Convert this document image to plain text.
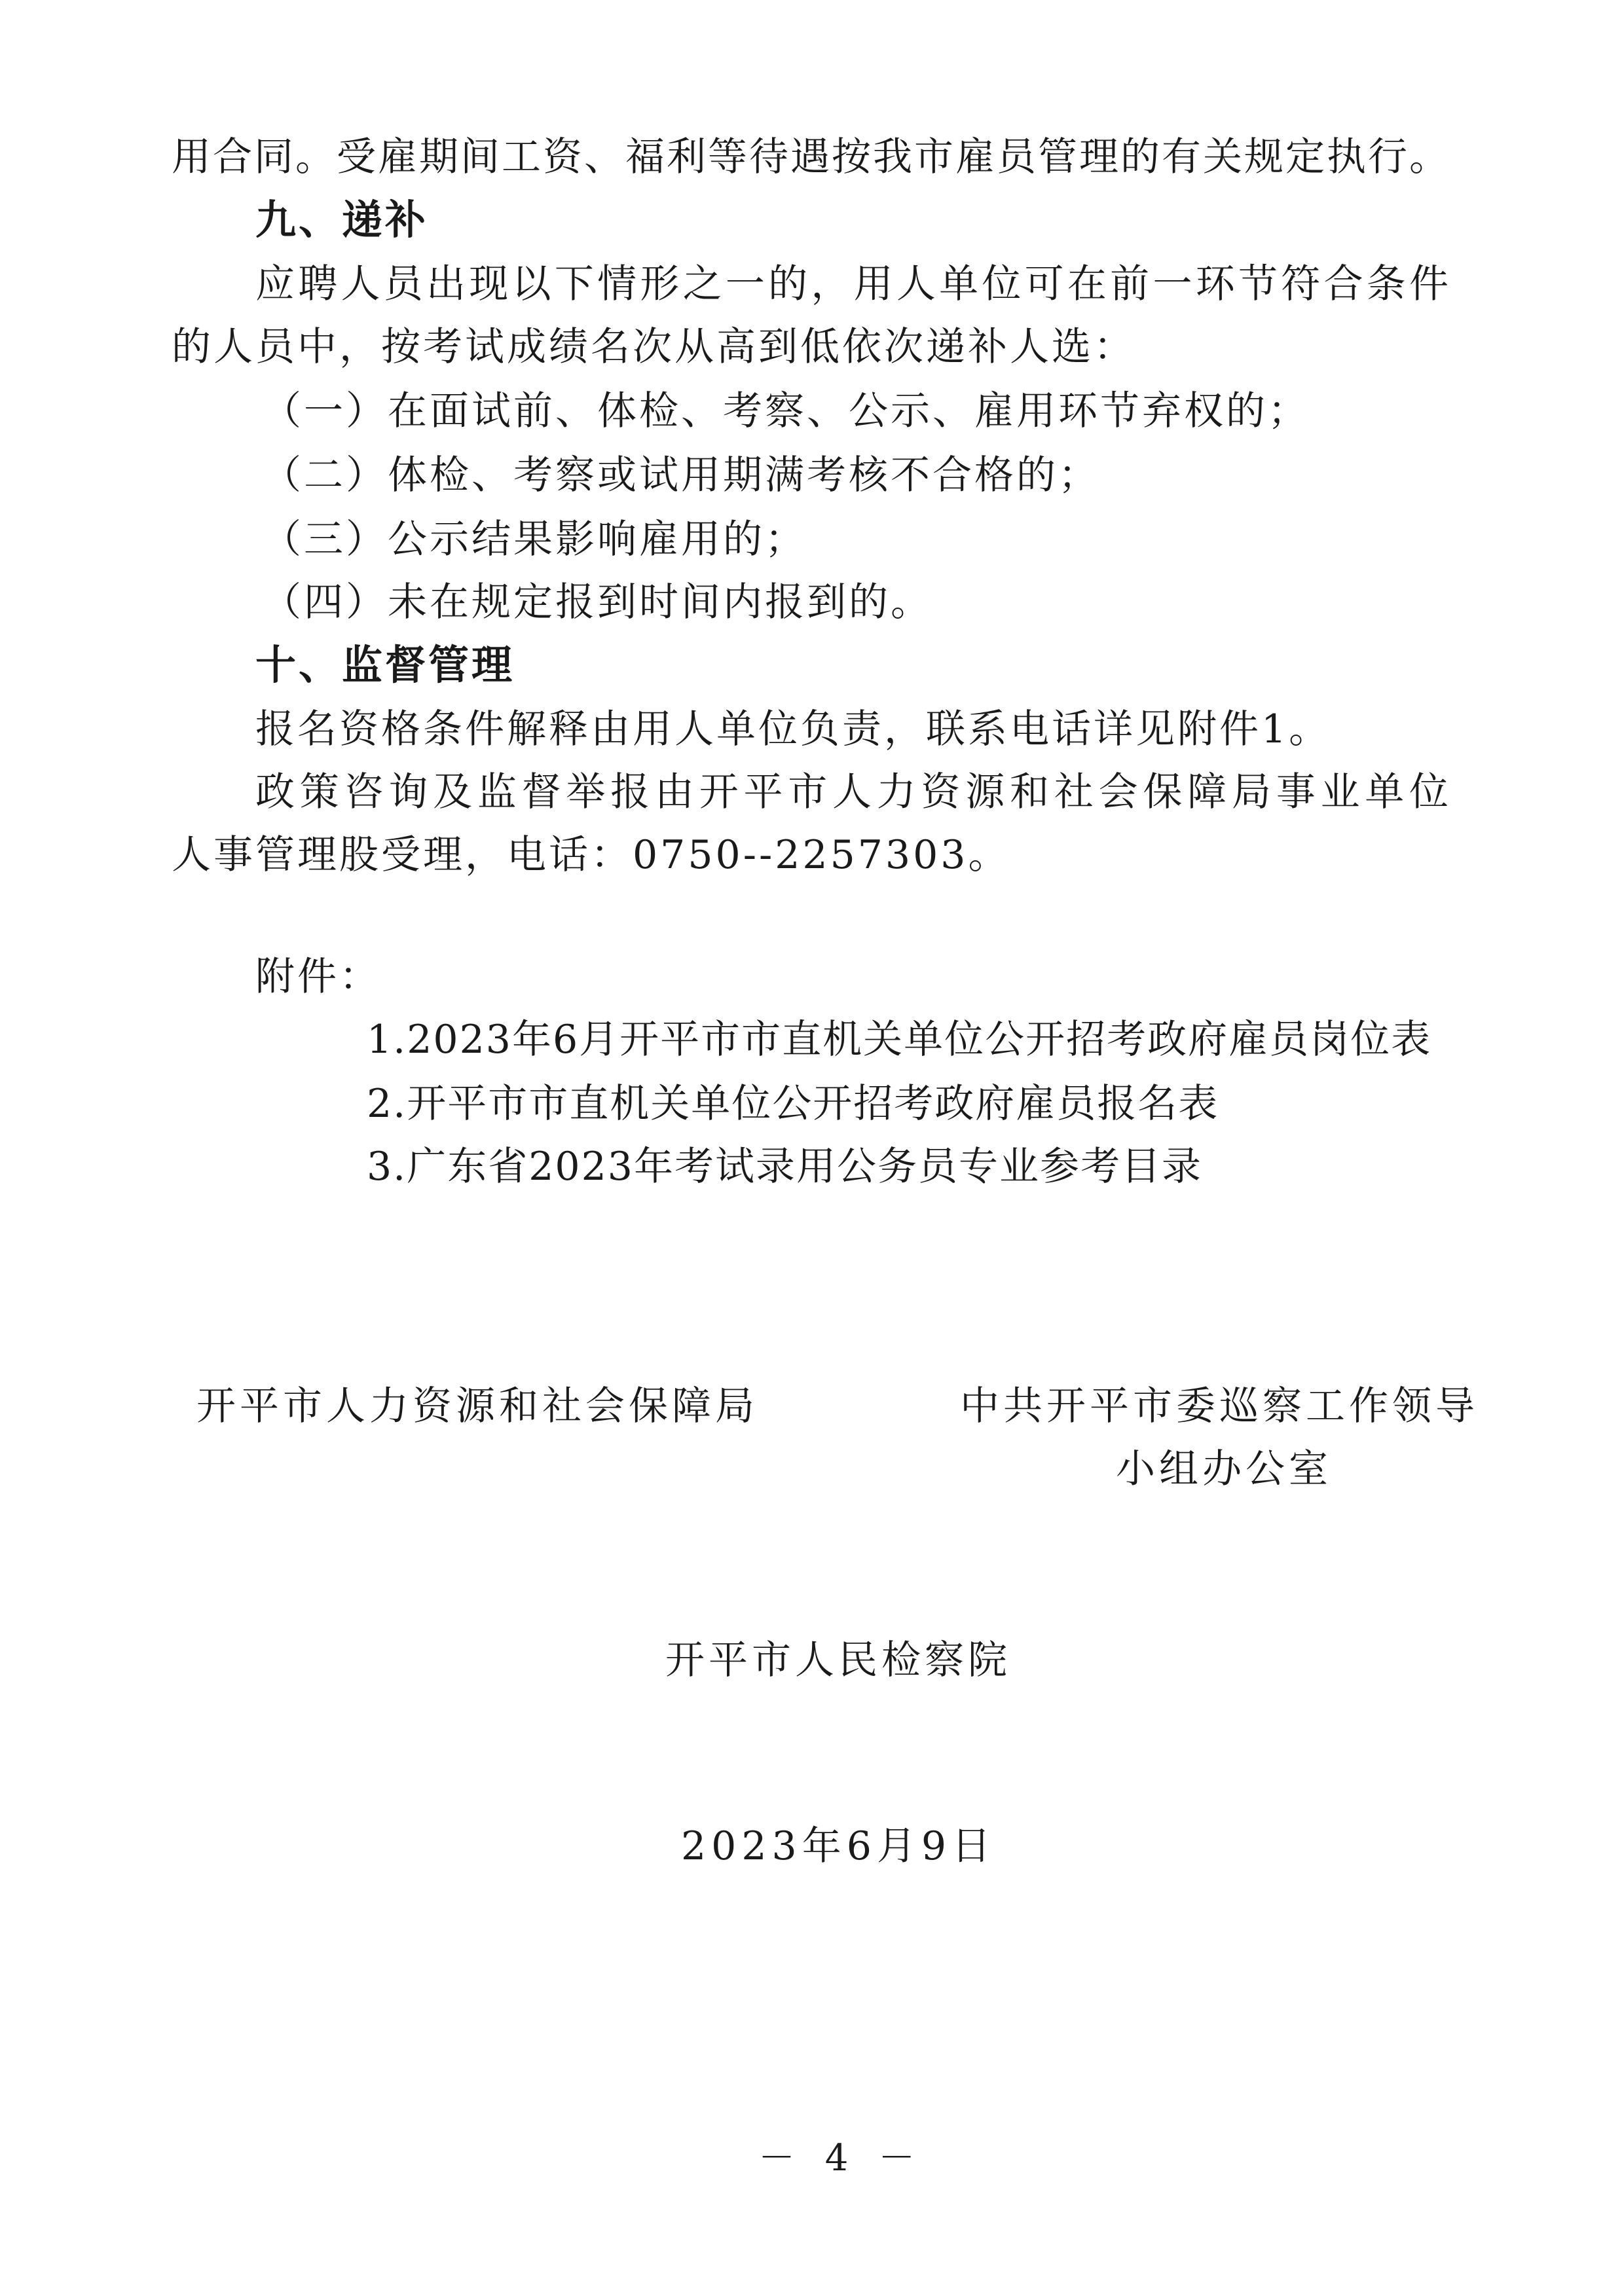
用合同。受雇期间工资、福利等待遇按我市雇员管理的有关规定执行。
九、递补
应聘人员出现以下情形之一的，用人单位可在前一环节符合条件
的人员中，按考试成绩名次从高到低依次递补人选：
（一）在面试前、体检、考察、公示、雇用环节弃权的；
（二）体检、考察或试用期满考核不合格的；
（三）公示结果影响雇用的；
（四）未在规定报到时间内报到的。
十、监督管理
报名资格条件解释由用人单位负责，联系电话详见附件1。
政策咨询及监督举报由开平市人力资源和社会保障局事业单位
人事管理股受理，电话：0750--2257303。
附件：
1.2023年6月开平市市直机关单位公开招考政府雇员岗位表
2.开平市市直机关单位公开招考政府雇员报名表
3.广东省2023年考试录用公务员专业参考目录
开平市人力资源和社会保障局	中共开平市委巡察工作领导
小组办公室
开平市人民检察院
2023年6月9日
－ 4 －
